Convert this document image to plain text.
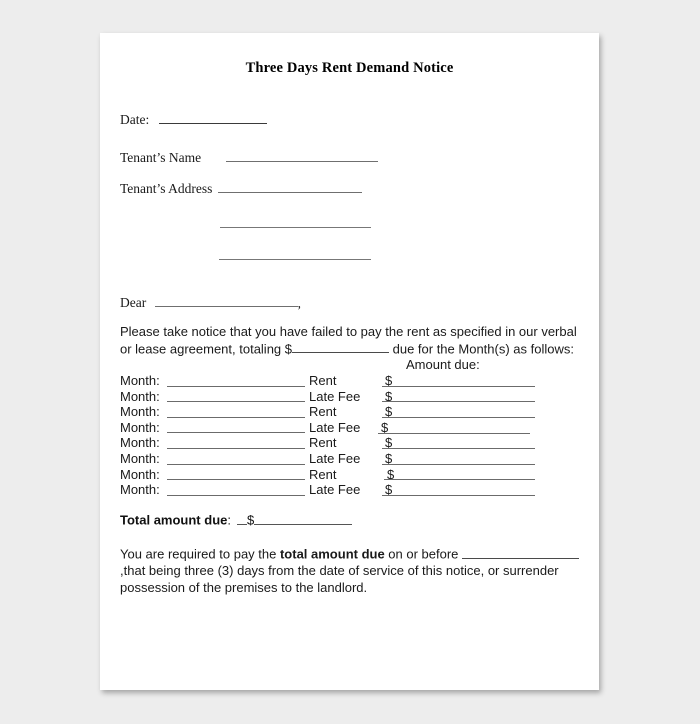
Three Days Rent Demand Notice
Date:
Tenant’s Name
Tenant’s Address
Dear	,
Please take notice that you have failed to pay the rent as specified in our verbal or lease agreement, totaling $	due for the Month(s) as follows:
Amount due:
Month:	Rent	$
Month:	Late Fee $
Month:	Rent	$
Month:	Late Fee $
Month:	Rent	$
Month:	Late Fee $
Month:	Rent	$
Month:	Late Fee $
Total amount due: $
You are required to pay the total amount due on or before ,that being three (3) days from the date of service of this notice, or surrender possession of the premises to the landlord.
